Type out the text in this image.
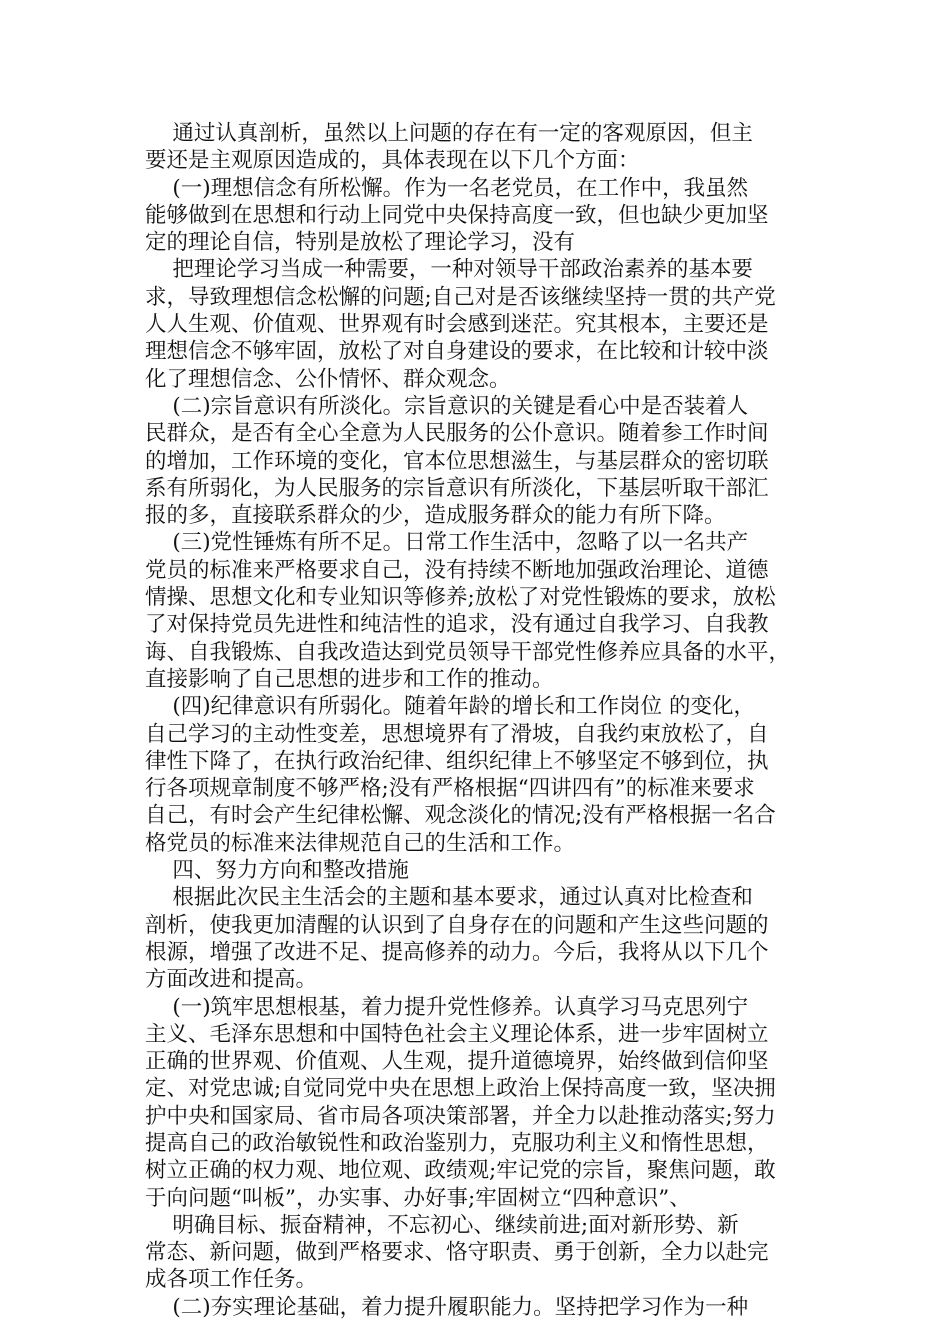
通过认真剖析，虽然以上问题的存在有一定的客观原因，但主
要还是主观原因造成的，具体表现在以下几个方面：
(一)理想信念有所松懈。作为一名老党员，在工作中，我虽然
能够做到在思想和行动上同党中央保持高度一致，但也缺少更加坚
定的理论自信，特别是放松了理论学习，没有
把理论学习当成一种需要，一种对领导干部政治素养的基本要
求，导致理想信念松懈的问题;自己对是否该继续坚持一贯的共产党
人人生观、价值观、世界观有时会感到迷茫。究其根本，主要还是
理想信念不够牢固，放松了对自身建设的要求，在比较和计较中淡
化了理想信念、公仆情怀、群众观念。
(二)宗旨意识有所淡化。宗旨意识的关键是看心中是否装着人
民群众，是否有全心全意为人民服务的公仆意识。随着参工作时间
的增加，工作环境的变化，官本位思想滋生，与基层群众的密切联
系有所弱化，为人民服务的宗旨意识有所淡化，下基层听取干部汇
报的多，直接联系群众的少，造成服务群众的能力有所下降。
(三)党性锤炼有所不足。日常工作生活中，忽略了以一名共产
党员的标准来严格要求自己，没有持续不断地加强政治理论、道德
情操、思想文化和专业知识等修养;放松了对党性锻炼的要求，放松
了对保持党员先进性和纯洁性的追求，没有通过自我学习、自我教
诲、自我锻炼、自我改造达到党员领导干部党性修养应具备的水平，
直接影响了自己思想的进步和工作的推动。
(四)纪律意识有所弱化。随着年龄的增长和工作岗位 的变化，
自己学习的主动性变差，思想境界有了滑坡，自我约束放松了，自
律性下降了，在执行政治纪律、组织纪律上不够坚定不够到位，执
行各项规章制度不够严格;没有严格根据“四讲四有”的标准来要求
自己，有时会产生纪律松懈、观念淡化的情况;没有严格根据一名合
格党员的标准来法律规范自己的生活和工作。
四、努力方向和整改措施
根据此次民主生活会的主题和基本要求，通过认真对比检查和
剖析，使我更加清醒的认识到了自身存在的问题和产生这些问题的
根源，增强了改进不足、提高修养的动力。今后，我将从以下几个
方面改进和提高。
(一)筑牢思想根基，着力提升党性修养。认真学习马克思列宁
主义、毛泽东思想和中国特色社会主义理论体系，进一步牢固树立
正确的世界观、价值观、人生观，提升道德境界，始终做到信仰坚
定、对党忠诚;自觉同党中央在思想上政治上保持高度一致，坚决拥
护中央和国家局、省市局各项决策部署，并全力以赴推动落实;努力
提高自己的政治敏锐性和政治鉴别力，克服功利主义和惰性思想，
树立正确的权力观、地位观、政绩观;牢记党的宗旨，聚焦问题，敢
于向问题“叫板”，办实事、办好事;牢固树立“四种意识”、
明确目标、振奋精神，不忘初心、继续前进;面对新形势、新
常态、新问题，做到严格要求、恪守职责、勇于创新，全力以赴完
成各项工作任务。
(二)夯实理论基础，着力提升履职能力。坚持把学习作为一种
